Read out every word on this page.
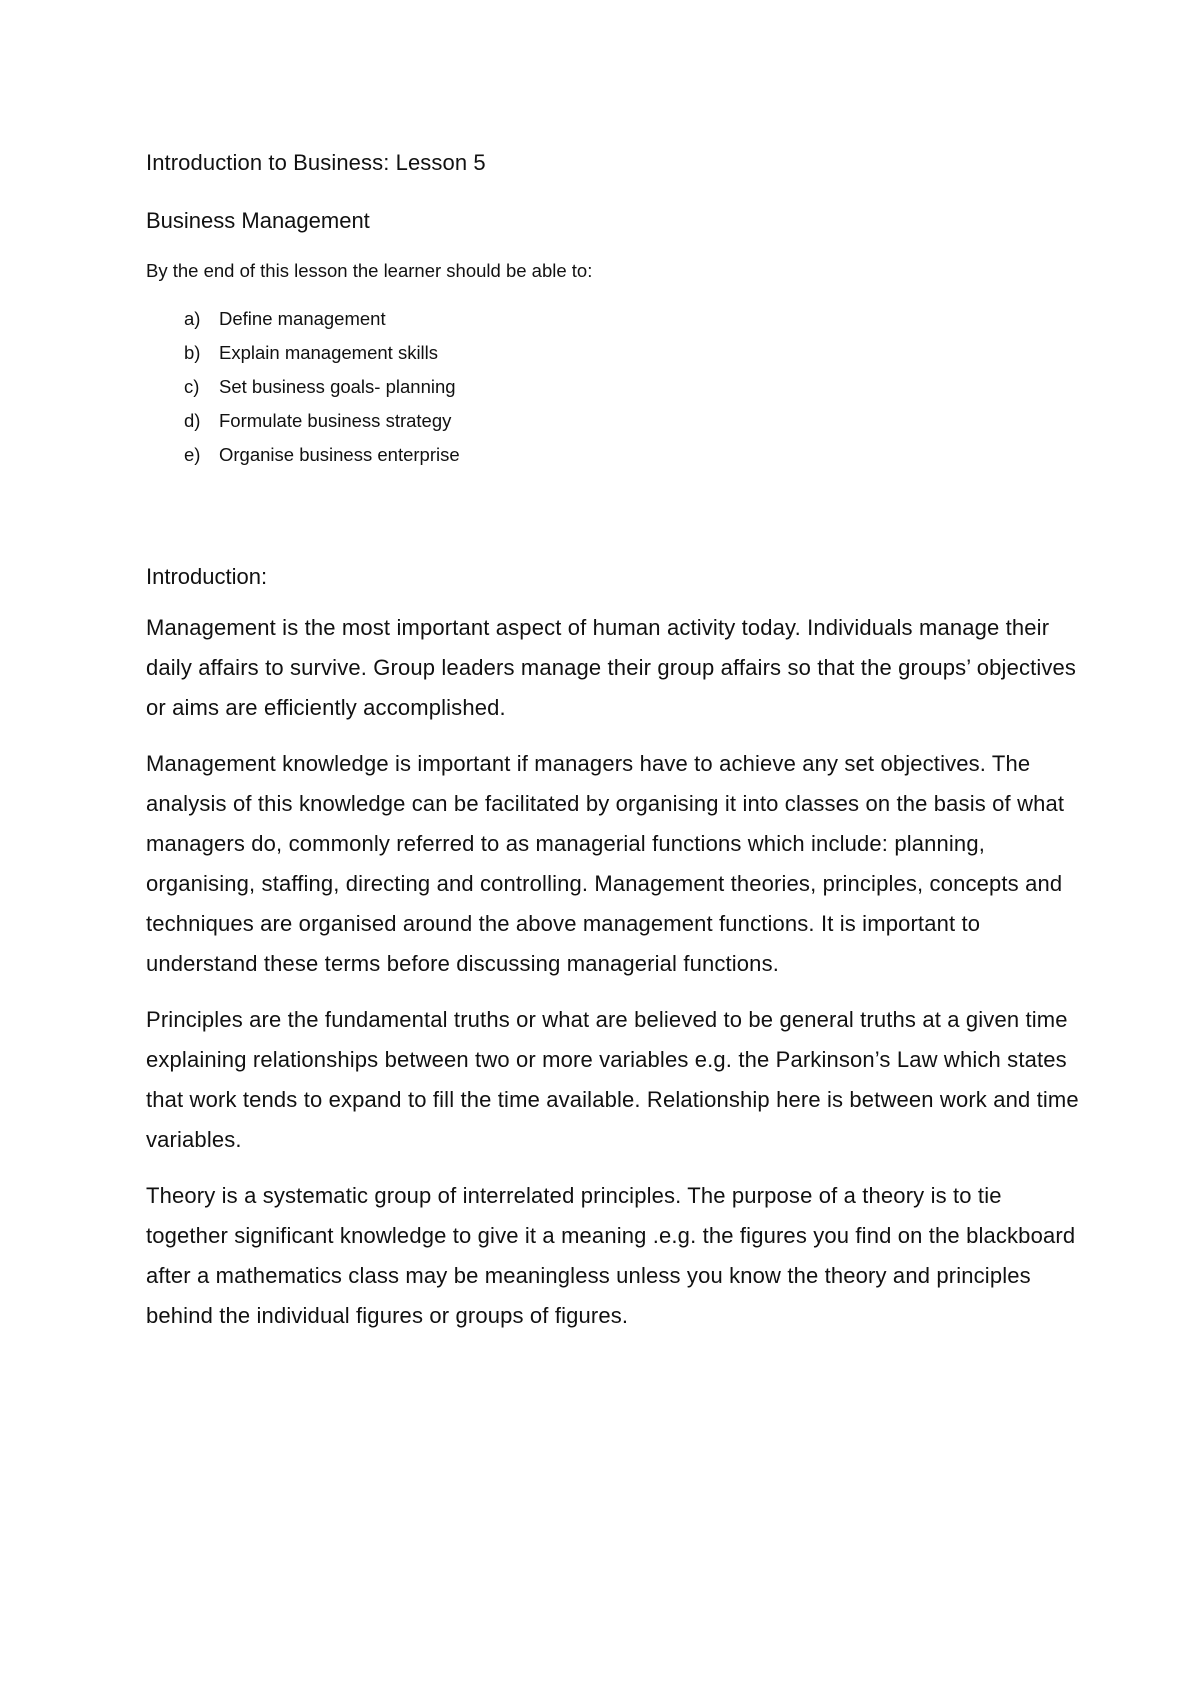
Introduction to Business: Lesson 5
Business Management
By the end of this lesson the learner should be able to:
a)	Define management
b)	Explain management skills
c)	Set business goals- planning
d)	Formulate business strategy
e)	Organise business enterprise
Introduction:

Management is the most important aspect of human activity today. Individuals manage their daily affairs to survive. Group leaders manage their group affairs so that the groups’ objectives or aims are efficiently accomplished.

Management knowledge is important if managers have to achieve any set objectives. The analysis of this knowledge can be facilitated by organising it into classes on the basis of what managers do, commonly referred to as managerial functions which include: planning, organising, staffing, directing and controlling. Management theories, principles, concepts and techniques are organised around the above management functions. It is important to understand these terms before discussing managerial functions.

Principles are the fundamental truths or what are believed to be general truths at a given time explaining relationships between two or more variables e.g. the Parkinson’s Law which states that work tends to expand to fill the time available. Relationship here is between work and time variables.

Theory is a systematic group of interrelated principles. The purpose of a theory is to tie together significant knowledge to give it a meaning .e.g. the figures you find on the blackboard after a mathematics class may be meaningless unless you know the theory and principles behind the individual figures or groups of figures.
